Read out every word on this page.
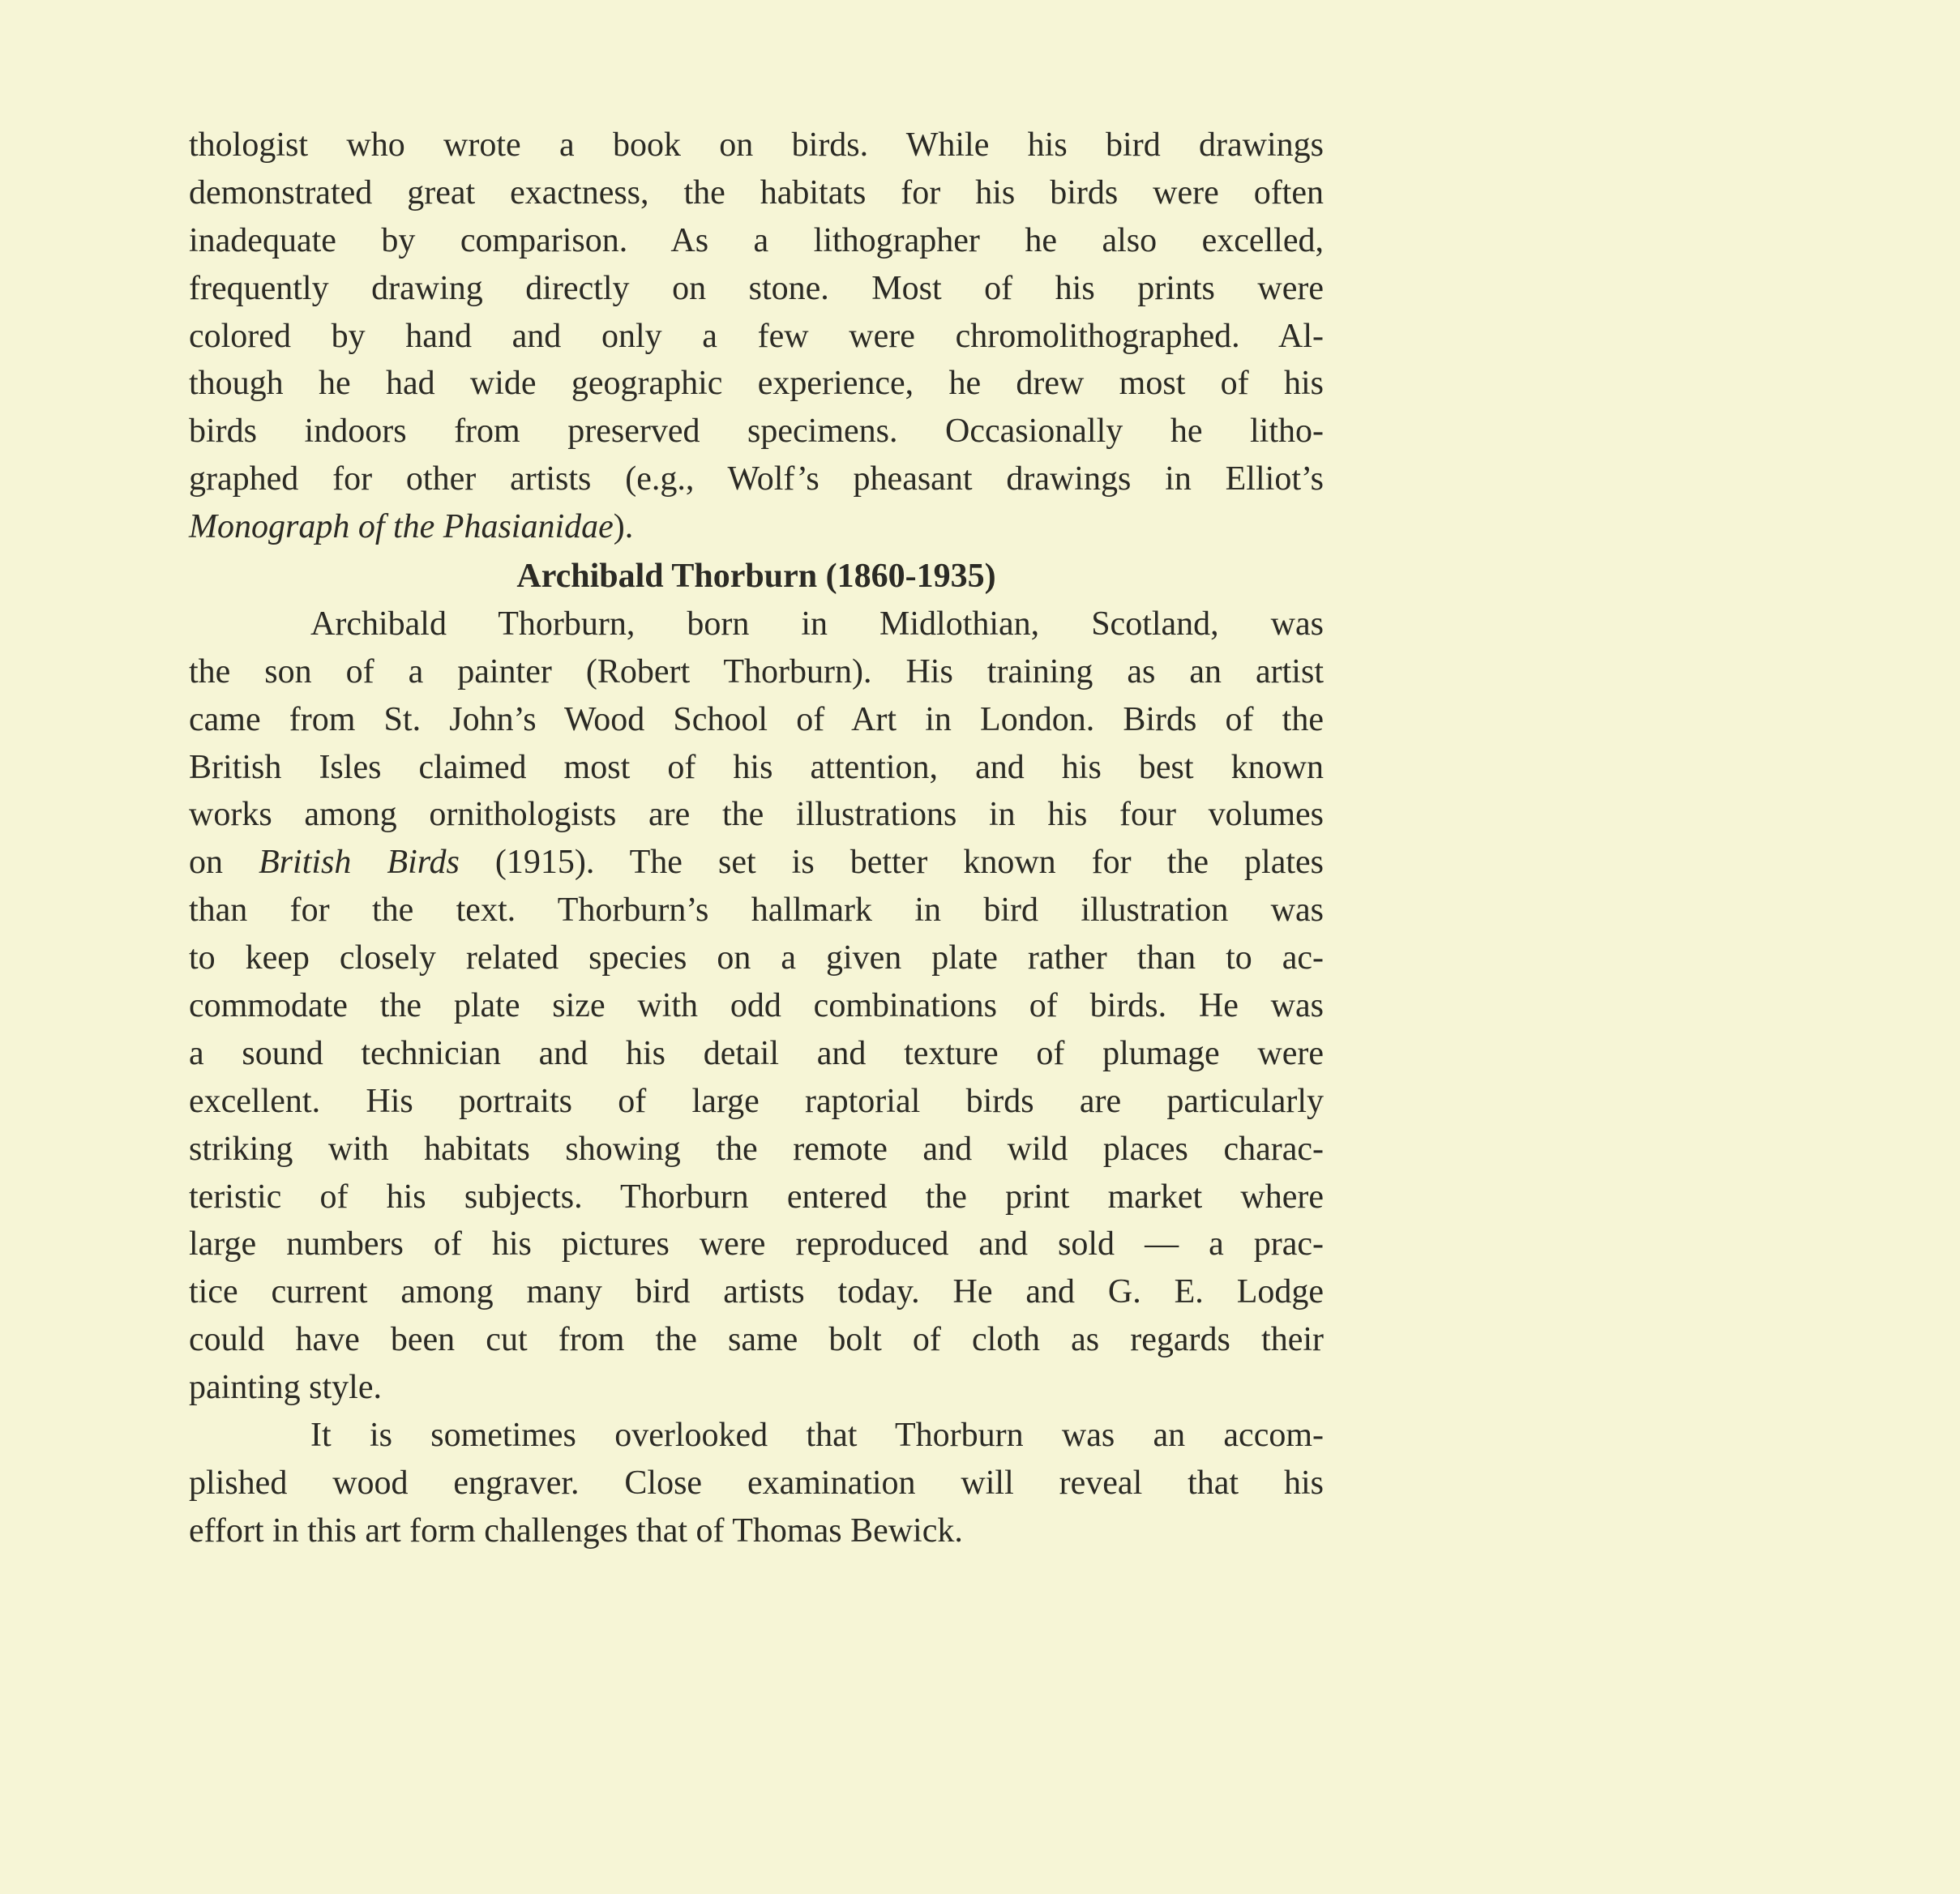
thologist who wrote a book on birds. While his bird drawings
demonstrated great exactness, the habitats for his birds were often
inadequate by comparison. As a lithographer he also excelled,
frequently drawing directly on stone. Most of his prints were
colored by hand and only a few were chromolithographed. Al-
though he had wide geographic experience, he drew most of his
birds indoors from preserved specimens. Occasionally he litho-
graphed for other artists (e.g., Wolf’s pheasant drawings in Elliot’s
Monograph of the Phasianidae).
Archibald Thorburn (1860-1935)
Archibald Thorburn, born in Midlothian, Scotland, was
the son of a painter (Robert Thorburn). His training as an artist
came from St. John’s Wood School of Art in London. Birds of the
British Isles claimed most of his attention, and his best known
works among ornithologists are the illustrations in his four volumes
on British Birds (1915). The set is better known for the plates
than for the text. Thorburn’s hallmark in bird illustration was
to keep closely related species on a given plate rather than to ac-
commodate the plate size with odd combinations of birds. He was
a sound technician and his detail and texture of plumage were
excellent. His portraits of large raptorial birds are particularly
striking with habitats showing the remote and wild places charac-
teristic of his subjects. Thorburn entered the print market where
large numbers of his pictures were reproduced and sold — a prac-
tice current among many bird artists today. He and G. E. Lodge
could have been cut from the same bolt of cloth as regards their
painting style.
It is sometimes overlooked that Thorburn was an accom-
plished wood engraver. Close examination will reveal that his
effort in this art form challenges that of Thomas Bewick.
